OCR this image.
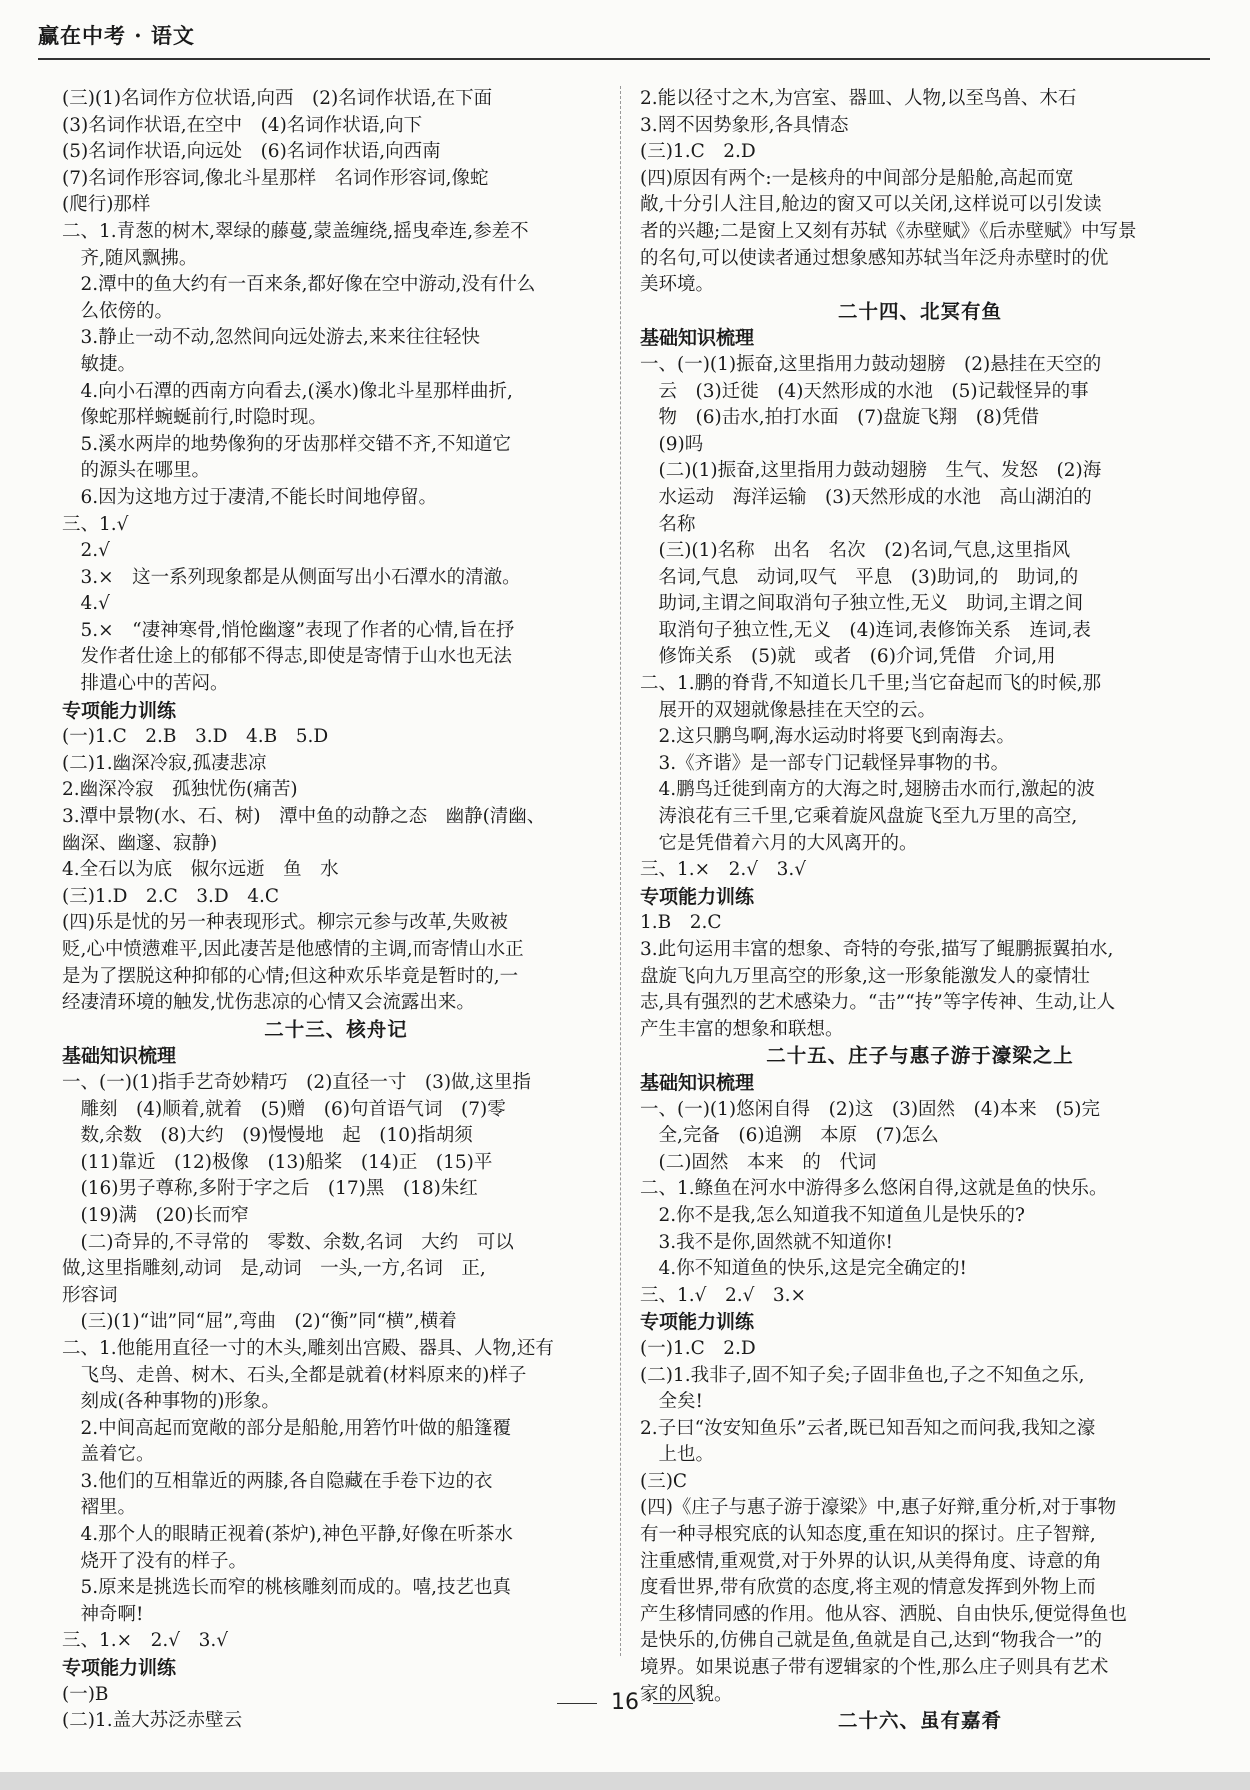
赢在中考 · 语文

(三)(1)名词作方位状语,向西　(2)名词作状语,在下面

(3)名词作状语,在空中　(4)名词作状语,向下

(5)名词作状语,向远处　(6)名词作状语,向西南

(7)名词作形容词,像北斗星那样　名词作形容词,像蛇

(爬行)那样

二、1.青葱的树木,翠绿的藤蔓,蒙盖缠绕,摇曳牵连,参差不

　齐,随风飘拂。

　2.潭中的鱼大约有一百来条,都好像在空中游动,没有什么

　么依傍的。

　3.静止一动不动,忽然间向远处游去,来来往往轻快

　敏捷。

　4.向小石潭的西南方向看去,(溪水)像北斗星那样曲折,

　像蛇那样蜿蜒前行,时隐时现。

　5.溪水两岸的地势像狗的牙齿那样交错不齐,不知道它

　的源头在哪里。

　6.因为这地方过于凄清,不能长时间地停留。

三、1.√

　2.√

　3.×　这一系列现象都是从侧面写出小石潭水的清澈。

　4.√

　5.×　“凄神寒骨,悄怆幽邃”表现了作者的心情,旨在抒

　发作者仕途上的郁郁不得志,即使是寄情于山水也无法

　排遣心中的苦闷。

专项能力训练

(一)1.C　2.B　3.D　4.B　5.D

(二)1.幽深冷寂,孤凄悲凉

2.幽深冷寂　孤独忧伤(痛苦)

3.潭中景物(水、石、树)　潭中鱼的动静之态　幽静(清幽、

幽深、幽邃、寂静)

4.全石以为底　俶尔远逝　鱼　水

(三)1.D　2.C　3.D　4.C

(四)乐是忧的另一种表现形式。柳宗元参与改革,失败被

贬,心中愤懑难平,因此凄苦是他感情的主调,而寄情山水正

是为了摆脱这种抑郁的心情;但这种欢乐毕竟是暂时的,一

经凄清环境的触发,忧伤悲凉的心情又会流露出来。

二十三、核舟记

基础知识梳理

一、(一)(1)指手艺奇妙精巧　(2)直径一寸　(3)做,这里指

　雕刻　(4)顺着,就着　(5)赠　(6)句首语气词　(7)零

　数,余数　(8)大约　(9)慢慢地　起　(10)指胡须

　(11)靠近　(12)极像　(13)船桨　(14)正　(15)平

　(16)男子尊称,多附于字之后　(17)黑　(18)朱红

　(19)满　(20)长而窄

　(二)奇异的,不寻常的　零数、余数,名词　大约　可以

做,这里指雕刻,动词　是,动词　一头,一方,名词　正,

形容词

　(三)(1)“诎”同“屈”,弯曲　(2)“衡”同“横”,横着

二、1.他能用直径一寸的木头,雕刻出宫殿、器具、人物,还有

　飞鸟、走兽、树木、石头,全都是就着(材料原来的)样子

　刻成(各种事物的)形象。

　2.中间高起而宽敞的部分是船舱,用箬竹叶做的船篷覆

　盖着它。

　3.他们的互相靠近的两膝,各自隐藏在手卷下边的衣

　褶里。

　4.那个人的眼睛正视着(茶炉),神色平静,好像在听茶水

　烧开了没有的样子。

　5.原来是挑选长而窄的桃核雕刻而成的。嘻,技艺也真

　神奇啊!

三、1.×　2.√　3.√

专项能力训练

(一)B

(二)1.盖大苏泛赤壁云

2.能以径寸之木,为宫室、器皿、人物,以至鸟兽、木石

3.罔不因势象形,各具情态

(三)1.C　2.D

(四)原因有两个:一是核舟的中间部分是船舱,高起而宽

敞,十分引人注目,舱边的窗又可以关闭,这样说可以引发读

者的兴趣;二是窗上又刻有苏轼《赤壁赋》《后赤壁赋》中写景

的名句,可以使读者通过想象感知苏轼当年泛舟赤壁时的优

美环境。

二十四、北冥有鱼

基础知识梳理

一、(一)(1)振奋,这里指用力鼓动翅膀　(2)悬挂在天空的

　云　(3)迁徙　(4)天然形成的水池　(5)记载怪异的事

　物　(6)击水,拍打水面　(7)盘旋飞翔　(8)凭借

　(9)吗

　(二)(1)振奋,这里指用力鼓动翅膀　生气、发怒　(2)海

　水运动　海洋运输　(3)天然形成的水池　高山湖泊的

　名称

　(三)(1)名称　出名　名次　(2)名词,气息,这里指风

　名词,气息　动词,叹气　平息　(3)助词,的　助词,的

　助词,主谓之间取消句子独立性,无义　助词,主谓之间

　取消句子独立性,无义　(4)连词,表修饰关系　连词,表

　修饰关系　(5)就　或者　(6)介词,凭借　介词,用

二、1.鹏的脊背,不知道长几千里;当它奋起而飞的时候,那

　展开的双翅就像悬挂在天空的云。

　2.这只鹏鸟啊,海水运动时将要飞到南海去。

　3.《齐谐》是一部专门记载怪异事物的书。

　4.鹏鸟迁徙到南方的大海之时,翅膀击水而行,激起的波

　涛浪花有三千里,它乘着旋风盘旋飞至九万里的高空,

　它是凭借着六月的大风离开的。

三、1.×　2.√　3.√

专项能力训练

1.B　2.C

3.此句运用丰富的想象、奇特的夸张,描写了鲲鹏振翼拍水,

盘旋飞向九万里高空的形象,这一形象能激发人的豪情壮

志,具有强烈的艺术感染力。“击”“抟”等字传神、生动,让人

产生丰富的想象和联想。

二十五、庄子与惠子游于濠梁之上

基础知识梳理

一、(一)(1)悠闲自得　(2)这　(3)固然　(4)本来　(5)完

　全,完备　(6)追溯　本原　(7)怎么

　(二)固然　本来　的　代词

二、1.鲦鱼在河水中游得多么悠闲自得,这就是鱼的快乐。

　2.你不是我,怎么知道我不知道鱼儿是快乐的?

　3.我不是你,固然就不知道你!

　4.你不知道鱼的快乐,这是完全确定的!

三、1.√　2.√　3.×

专项能力训练

(一)1.C　2.D

(二)1.我非子,固不知子矣;子固非鱼也,子之不知鱼之乐,

　全矣!

2.子曰“汝安知鱼乐”云者,既已知吾知之而问我,我知之濠

　上也。

(三)C

(四)《庄子与惠子游于濠梁》中,惠子好辩,重分析,对于事物

有一种寻根究底的认知态度,重在知识的探讨。庄子智辩,

注重感情,重观赏,对于外界的认识,从美得角度、诗意的角

度看世界,带有欣赏的态度,将主观的情意发挥到外物上而

产生移情同感的作用。他从容、洒脱、自由快乐,便觉得鱼也

是快乐的,仿佛自己就是鱼,鱼就是自己,达到“物我合一”的

境界。如果说惠子带有逻辑家的个性,那么庄子则具有艺术

家的风貌。

二十六、虽有嘉肴

16
